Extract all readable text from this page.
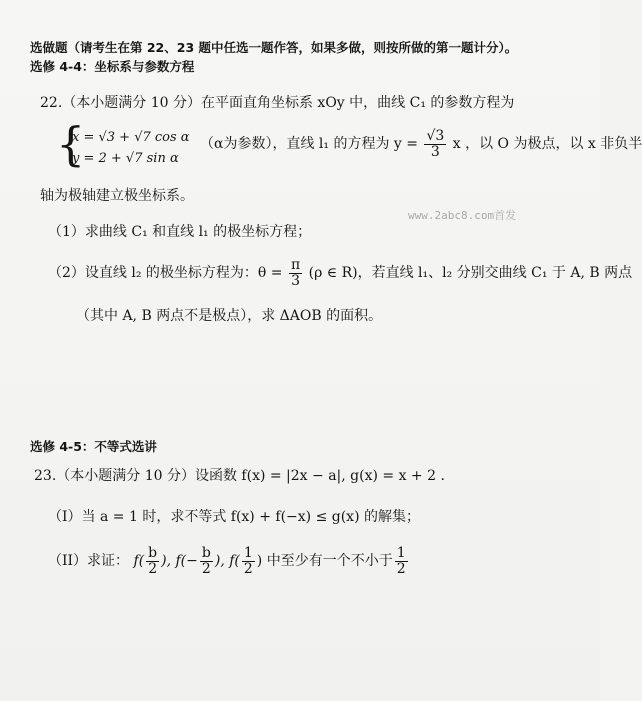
选做题（请考生在第 22、23 题中任选一题作答，如果多做，则按所做的第一题计分）。
选修 4-4：坐标系与参数方程
22.（本小题满分 10 分）在平面直角坐标系 xOy 中，曲线 C₁ 的参数方程为
{
x = √3 + √7 cos α
y = 2 + √7 sin α
（α为参数），直线 l₁ 的方程为 $y = \frac{√3}{3}$ x ，以 O 为极点，以 x 非负半
轴为极轴建立极坐标系。
www.2abc8.com首发
（1）求曲线 C₁ 和直线 l₁ 的极坐标方程；
（2）设直线 l₂ 的极坐标方程为：$\theta = \frac{\pi}{3} (\rho$ ∈ R)，若直线 l₁、l₂ 分别交曲线 C₁ 于 A, B 两点
（其中 A, B 两点不是极点），求 ΔAOB 的面积。
选修 4-5：不等式选讲
23.（本小题满分 10 分）设函数 f(x) = |2x − a|, g(x) = x + 2 .
（I）当 a = 1 时，求不等式 f(x) + f(−x) ≤ g(x) 的解集；
（II）求证： $f( \frac{b}{2}$ ), $f(- \frac{b}{2}$ ), $f( \frac{1}{2}$ ) 中至少有一个不小于 $\frac{1}{2}$
